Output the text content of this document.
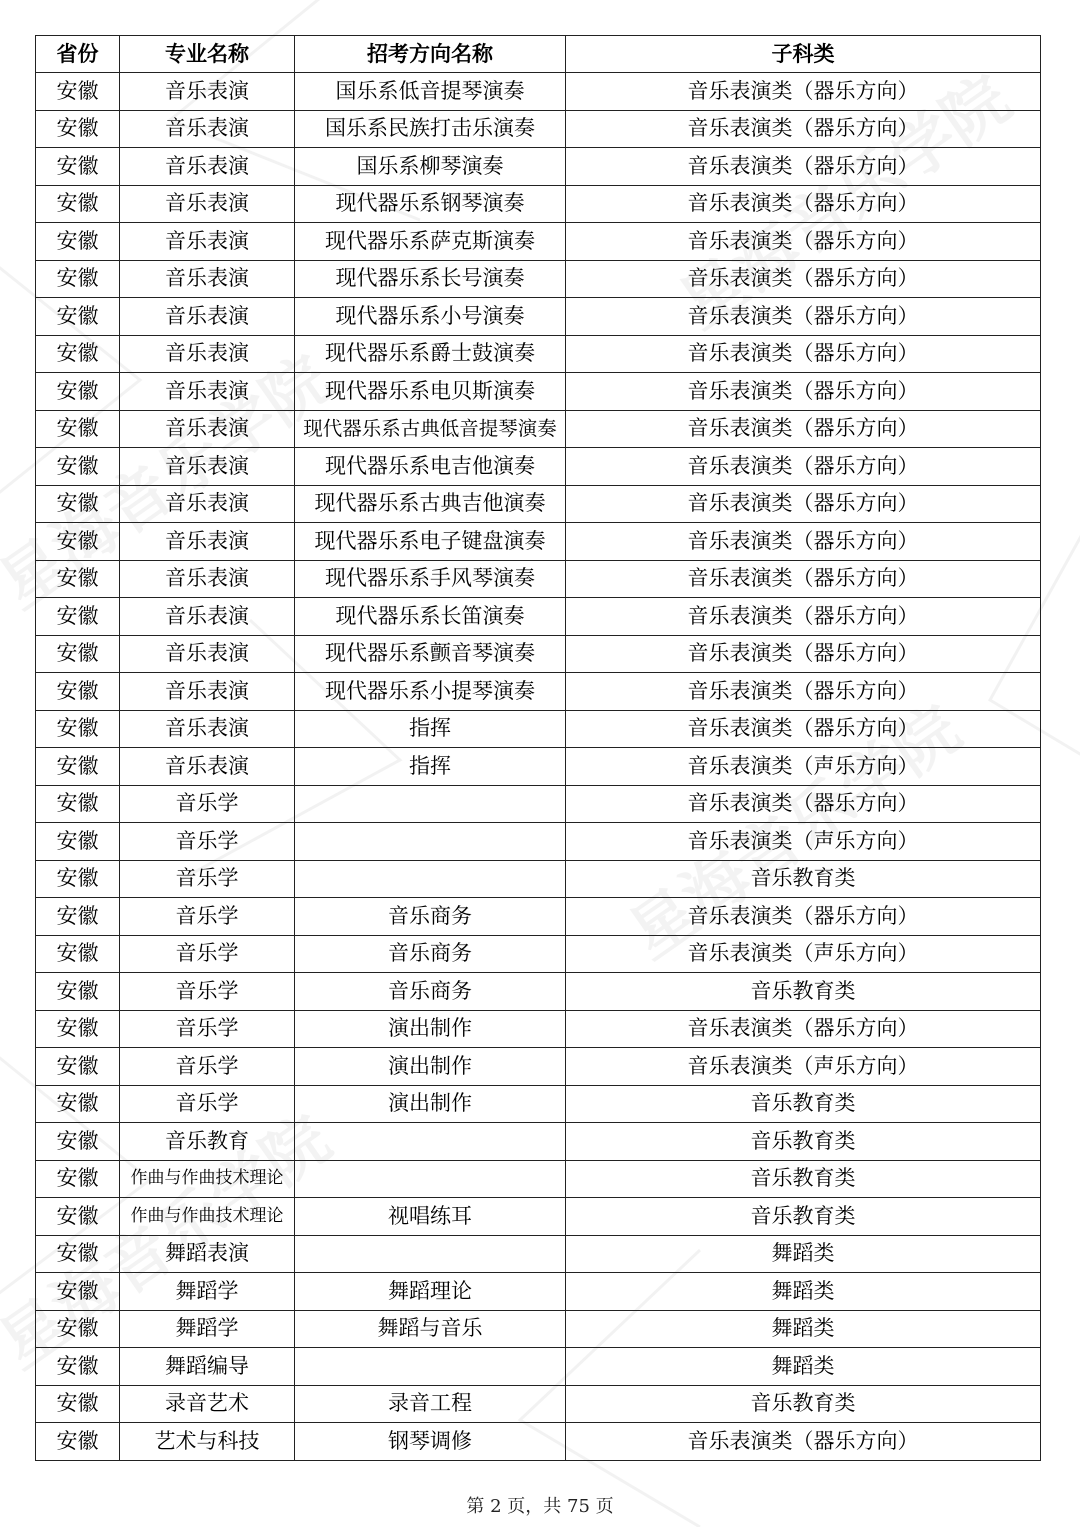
省份	专业名称	招考方向名称	子科类
安徽	音乐表演	国乐系低音提琴演奏	音乐表演类（器乐方向）
安徽	音乐表演	国乐系民族打击乐演奏	音乐表演类（器乐方向）
安徽	音乐表演	国乐系柳琴演奏	音乐表演类（器乐方向）
安徽	音乐表演	现代器乐系钢琴演奏	音乐表演类（器乐方向）
安徽	音乐表演	现代器乐系萨克斯演奏	音乐表演类（器乐方向）
安徽	音乐表演	现代器乐系长号演奏	音乐表演类（器乐方向）
安徽	音乐表演	现代器乐系小号演奏	音乐表演类（器乐方向）
安徽	音乐表演	现代器乐系爵士鼓演奏	音乐表演类（器乐方向）
安徽	音乐表演	现代器乐系电贝斯演奏	音乐表演类（器乐方向）
安徽	音乐表演	现代器乐系古典低音提琴演奏	音乐表演类（器乐方向）
安徽	音乐表演	现代器乐系电吉他演奏	音乐表演类（器乐方向）
安徽	音乐表演	现代器乐系古典吉他演奏	音乐表演类（器乐方向）
安徽	音乐表演	现代器乐系电子键盘演奏	音乐表演类（器乐方向）
安徽	音乐表演	现代器乐系手风琴演奏	音乐表演类（器乐方向）
安徽	音乐表演	现代器乐系长笛演奏	音乐表演类（器乐方向）
安徽	音乐表演	现代器乐系颤音琴演奏	音乐表演类（器乐方向）
安徽	音乐表演	现代器乐系小提琴演奏	音乐表演类（器乐方向）
安徽	音乐表演	指挥	音乐表演类（器乐方向）
安徽	音乐表演	指挥	音乐表演类（声乐方向）
安徽	音乐学		音乐表演类（器乐方向）
安徽	音乐学		音乐表演类（声乐方向）
安徽	音乐学		音乐教育类
安徽	音乐学	音乐商务	音乐表演类（器乐方向）
安徽	音乐学	音乐商务	音乐表演类（声乐方向）
安徽	音乐学	音乐商务	音乐教育类
安徽	音乐学	演出制作	音乐表演类（器乐方向）
安徽	音乐学	演出制作	音乐表演类（声乐方向）
安徽	音乐学	演出制作	音乐教育类
安徽	音乐教育		音乐教育类
安徽	作曲与作曲技术理论		音乐教育类
安徽	作曲与作曲技术理论	视唱练耳	音乐教育类
安徽	舞蹈表演		舞蹈类
安徽	舞蹈学	舞蹈理论	舞蹈类
安徽	舞蹈学	舞蹈与音乐	舞蹈类
安徽	舞蹈编导		舞蹈类
安徽	录音艺术	录音工程	音乐教育类
安徽	艺术与科技	钢琴调修	音乐表演类（器乐方向）
第 2 页，共 75 页
